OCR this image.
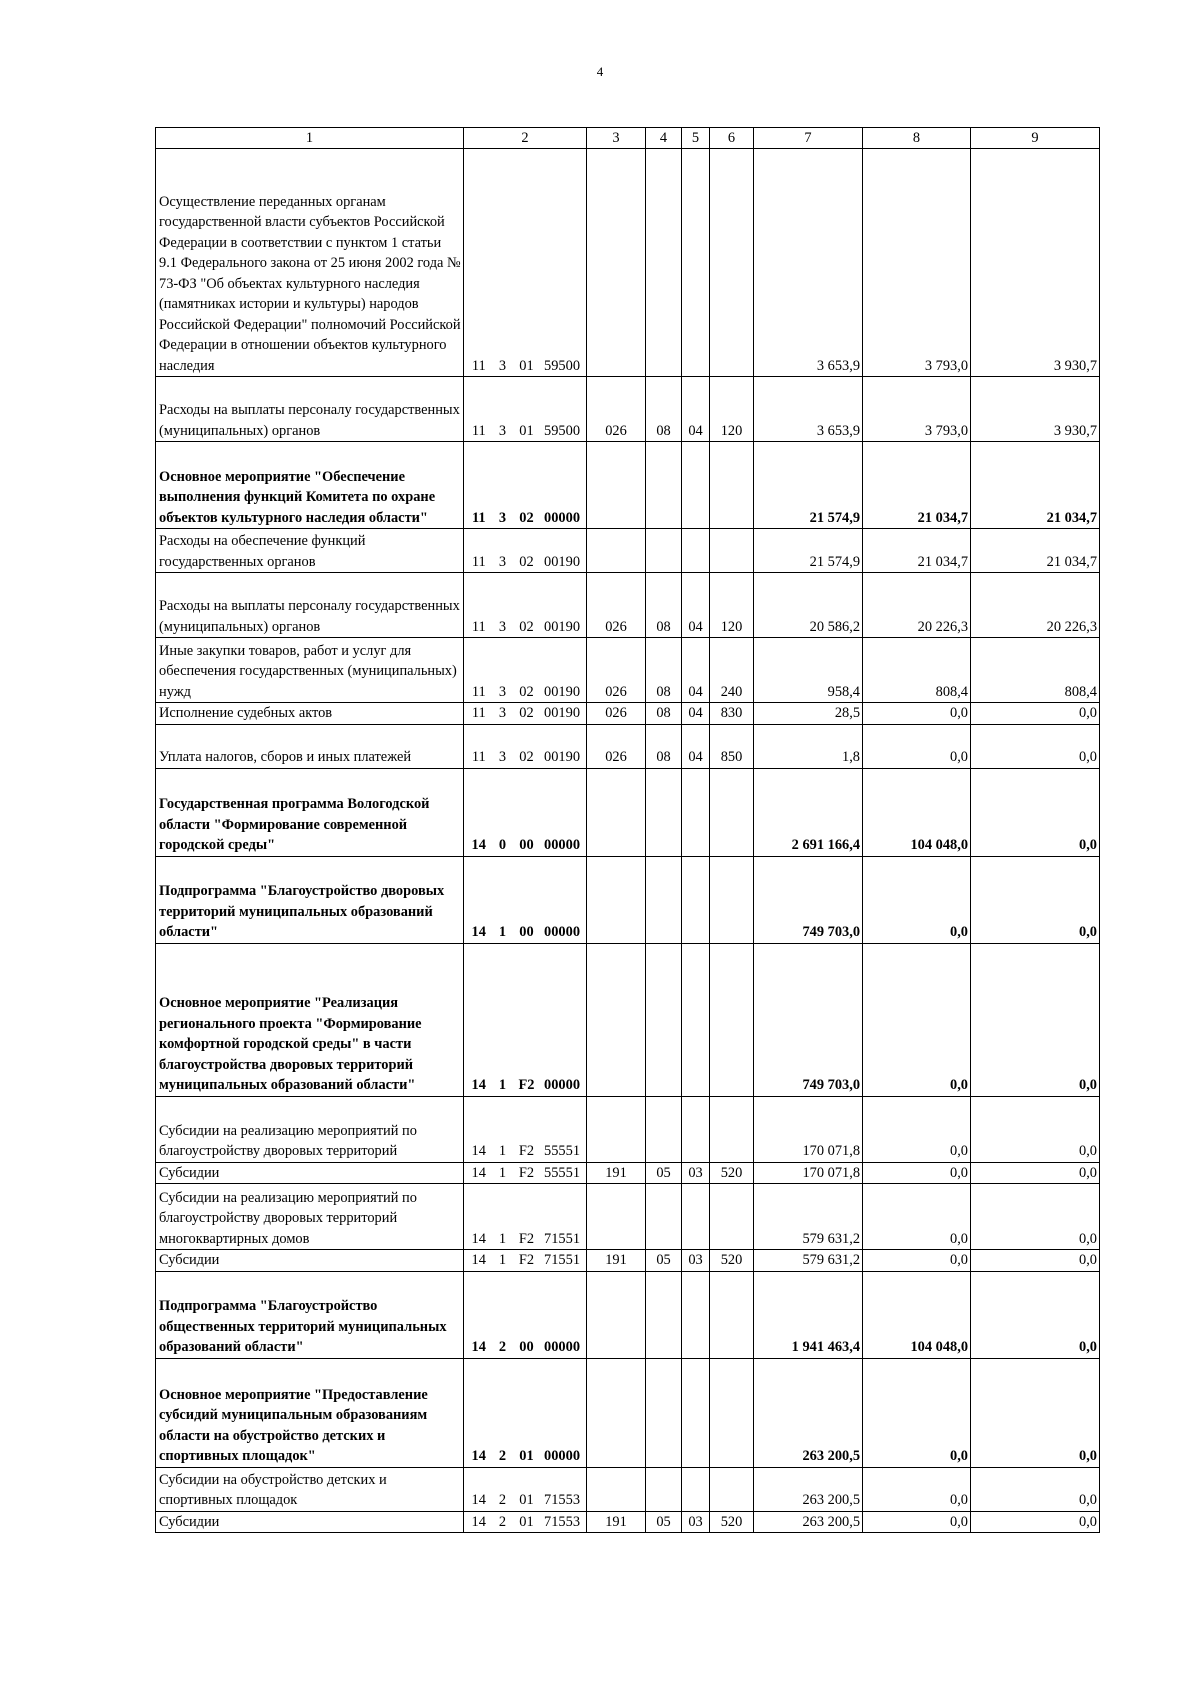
4
1	2				3	4	5	6	7	8	9
Осуществление переданных органам государственной власти субъектов Российской Федерации в соответствии с пунктом 1 статьи 9.1 Федерального закона от 25 июня 2002 года № 73-ФЗ "Об объектах культурного наследия (памятниках истории и культуры) народов Российской Федерации" полномочий Российской Федерации в отношении объектов культурного наследия	11	3	01	59500					3 653,9	3 793,0	3 930,7
Расходы на выплаты персоналу государственных (муниципальных) органов	11	3	01	59500	026	08	04	120	3 653,9	3 793,0	3 930,7
Основное мероприятие "Обеспечение выполнения функций Комитета по охране объектов культурного наследия области"	11	3	02	00000					21 574,9	21 034,7	21 034,7
Расходы на обеспечение функций государственных органов	11	3	02	00190					21 574,9	21 034,7	21 034,7
Расходы на выплаты персоналу государственных (муниципальных) органов	11	3	02	00190	026	08	04	120	20 586,2	20 226,3	20 226,3
Иные закупки товаров, работ и услуг для обеспечения государственных (муниципальных) нужд	11	3	02	00190	026	08	04	240	958,4	808,4	808,4
Исполнение судебных актов	11	3	02	00190	026	08	04	830	28,5	0,0	0,0
Уплата налогов, сборов и иных платежей	11	3	02	00190	026	08	04	850	1,8	0,0	0,0
Государственная программа Вологодской области "Формирование современной городской среды"	14	0	00	00000					2 691 166,4	104 048,0	0,0
Подпрограмма "Благоустройство дворовых территорий муниципальных образований области"	14	1	00	00000					749 703,0	0,0	0,0
Основное мероприятие "Реализация регионального проекта "Формирование комфортной городской среды" в части благоустройства дворовых территорий муниципальных образований области"	14	1	F2	00000					749 703,0	0,0	0,0
Субсидии на реализацию мероприятий по благоустройству дворовых территорий	14	1	F2	55551					170 071,8	0,0	0,0
Субсидии	14	1	F2	55551	191	05	03	520	170 071,8	0,0	0,0
Субсидии на реализацию мероприятий по благоустройству дворовых территорий многоквартирных домов	14	1	F2	71551					579 631,2	0,0	0,0
Субсидии	14	1	F2	71551	191	05	03	520	579 631,2	0,0	0,0
Подпрограмма "Благоустройство общественных территорий муниципальных образований области"	14	2	00	00000					1 941 463,4	104 048,0	0,0
Основное мероприятие "Предоставление субсидий муниципальным образованиям области на обустройство детских и спортивных площадок"	14	2	01	00000					263 200,5	0,0	0,0
Субсидии на обустройство детских и спортивных площадок	14	2	01	71553					263 200,5	0,0	0,0
Субсидии	14	2	01	71553	191	05	03	520	263 200,5	0,0	0,0
